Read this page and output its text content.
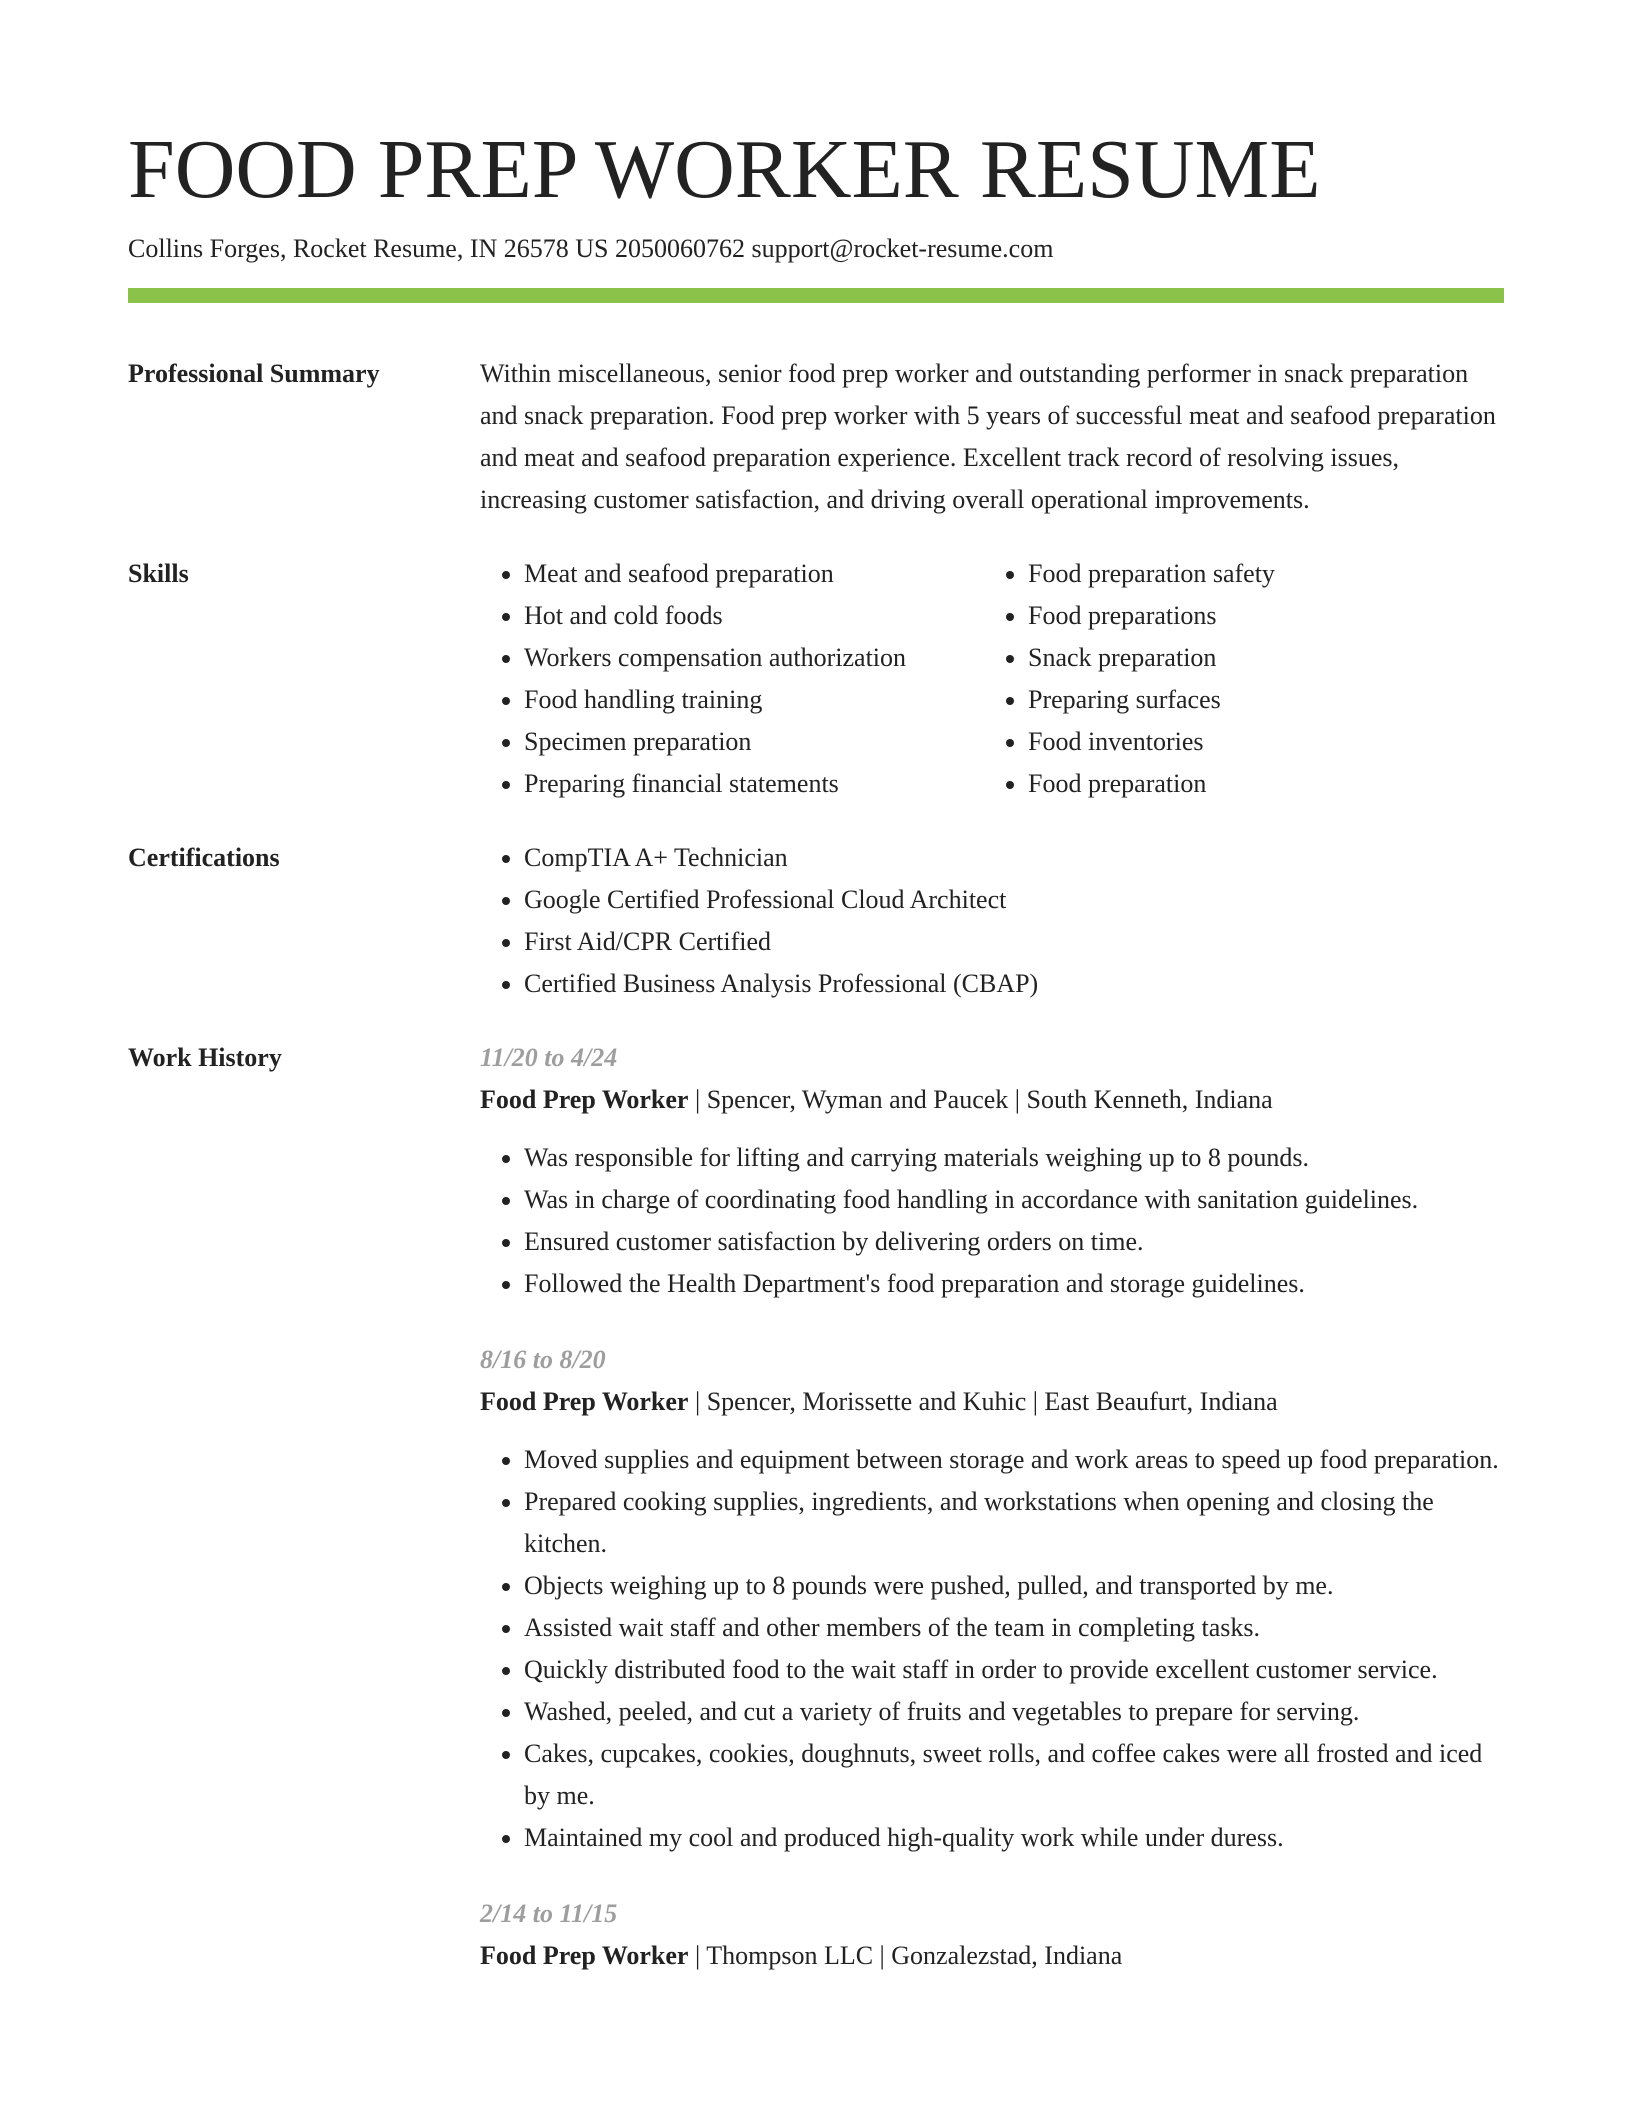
FOOD PREP WORKER RESUME
Collins Forges, Rocket Resume, IN 26578 US 2050060762 support@rocket-resume.com
Professional Summary	Within miscellaneous, senior food prep worker and outstanding performer in snack preparation and snack preparation. Food prep worker with 5 years of successful meat and seafood preparation and meat and seafood preparation experience. Excellent track record of resolving issues, increasing customer satisfaction, and driving overall operational improvements.
Skills	• Meat and seafood preparation
• Hot and cold foods
• Workers compensation authorization
• Food handling training
• Specimen preparation
• Preparing financial statements
• Food preparation safety
• Food preparations
• Snack preparation
• Preparing surfaces
• Food inventories
• Food preparation
Certifications	• CompTIA A+ Technician
• Google Certified Professional Cloud Architect
• First Aid/CPR Certified
• Certified Business Analysis Professional (CBAP)
Work History	11/20 to 4/24
Food Prep Worker | Spencer, Wyman and Paucek | South Kenneth, Indiana
• Was responsible for lifting and carrying materials weighing up to 8 pounds.
• Was in charge of coordinating food handling in accordance with sanitation guidelines.
• Ensured customer satisfaction by delivering orders on time.
• Followed the Health Department's food preparation and storage guidelines.
8/16 to 8/20
Food Prep Worker | Spencer, Morissette and Kuhic | East Beaufurt, Indiana
• Moved supplies and equipment between storage and work areas to speed up food preparation.
• Prepared cooking supplies, ingredients, and workstations when opening and closing the kitchen.
• Objects weighing up to 8 pounds were pushed, pulled, and transported by me.
• Assisted wait staff and other members of the team in completing tasks.
• Quickly distributed food to the wait staff in order to provide excellent customer service.
• Washed, peeled, and cut a variety of fruits and vegetables to prepare for serving.
• Cakes, cupcakes, cookies, doughnuts, sweet rolls, and coffee cakes were all frosted and iced by me.
• Maintained my cool and produced high-quality work while under duress.
2/14 to 11/15
Food Prep Worker | Thompson LLC | Gonzalezstad, Indiana
